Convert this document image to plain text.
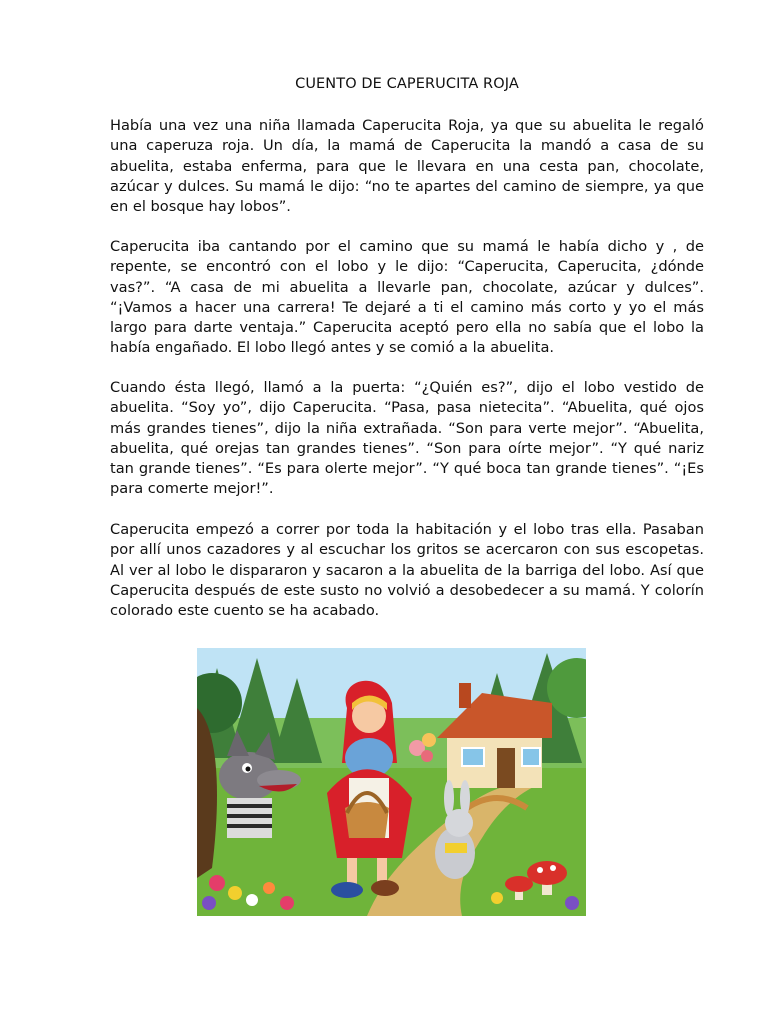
CUENTO DE CAPERUCITA ROJA

Había una vez una niña llamada Caperucita Roja, ya que su abuelita le regaló una caperuza roja. Un día, la mamá de Caperucita la mandó a casa de su abuelita, estaba enferma, para que le llevara en una cesta pan, chocolate, azúcar y dulces. Su mamá le dijo: “no te apartes del camino de siempre, ya que en el bosque hay lobos”.

Caperucita iba cantando por el camino que su mamá le había dicho y , de repente, se encontró con el lobo y le dijo: “Caperucita, Caperucita, ¿dónde vas?”. “A casa de mi abuelita a llevarle pan, chocolate, azúcar y dulces”. “¡Vamos a hacer una carrera! Te dejaré a ti el camino más corto y yo el más largo para darte ventaja.” Caperucita aceptó pero ella no sabía que el lobo la había engañado. El lobo llegó antes y se comió a la abuelita.

Cuando ésta llegó, llamó a la puerta: “¿Quién es?”, dijo el lobo vestido de abuelita. “Soy yo”, dijo Caperucita. “Pasa, pasa nietecita”. “Abuelita, qué ojos más grandes tienes”, dijo la niña extrañada. “Son para verte mejor”. “Abuelita, abuelita, qué orejas tan grandes tienes”. “Son para oírte mejor”. “Y qué nariz tan grande tienes”. “Es para olerte mejor”. “Y qué boca tan grande tienes”. “¡Es para comerte mejor!”.

Caperucita empezó a correr por toda la habitación y el lobo tras ella. Pasaban por allí unos cazadores y al escuchar los gritos se acercaron con sus escopetas. Al ver al lobo le dispararon y sacaron a la abuelita de la barriga del lobo. Así que Caperucita después de este susto no volvió a desobedecer a su mamá. Y colorín colorado este cuento se ha acabado.
